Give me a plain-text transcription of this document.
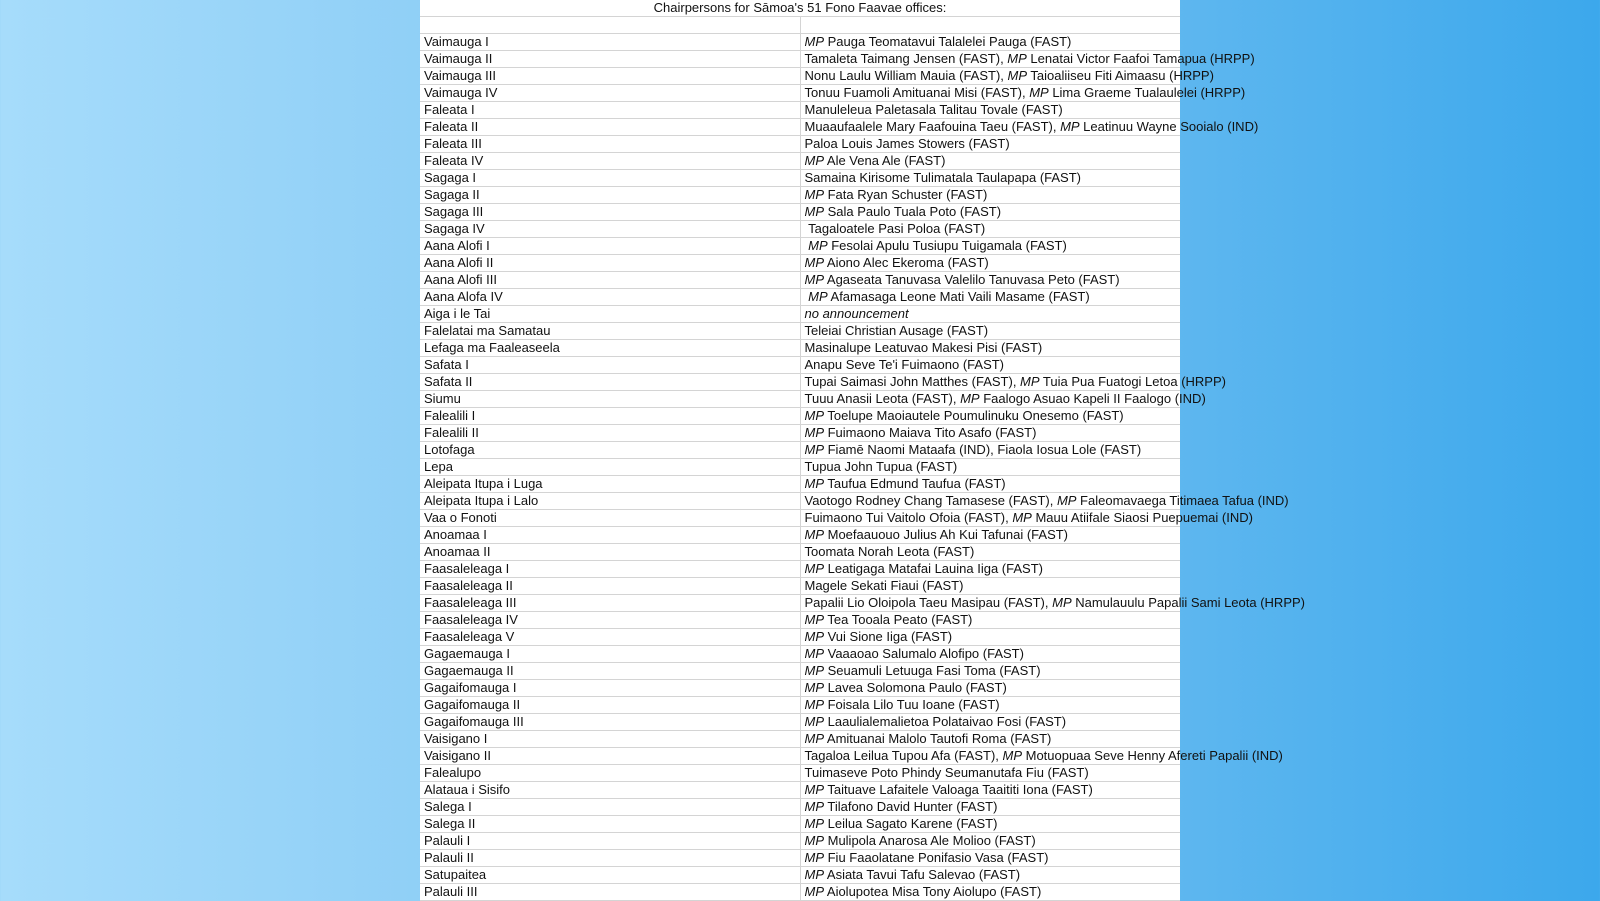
Chairpersons for Sāmoa's 51 Fono Faavae offices:	

Vaimauga I	MP Pauga Teomatavui Talalelei Pauga (FAST)
Vaimauga II	Tamaleta Taimang Jensen (FAST), MP Lenatai Victor Faafoi Tamapua (HRPP)
Vaimauga III	Nonu Laulu William Mauia (FAST), MP Taioaliiseu Fiti Aimaasu (HRPP)
Vaimauga IV	Tonuu Fuamoli Amituanai Misi (FAST), MP Lima Graeme Tualaulelei (HRPP)
Faleata I	Manuleleua Paletasala Talitau Tovale (FAST)
Faleata II	Muaaufaalele Mary Faafouina Taeu (FAST), MP Leatinuu Wayne Sooialo (IND)
Faleata III	Paloa Louis James Stowers (FAST)
Faleata IV	MP Ale Vena Ale (FAST)
Sagaga I	Samaina Kirisome Tulimatala Taulapapa (FAST)
Sagaga II	MP Fata Ryan Schuster (FAST)
Sagaga III	MP Sala Paulo Tuala Poto (FAST)
Sagaga IV	Tagaloatele Pasi Poloa (FAST)
Aana Alofi I	MP Fesolai Apulu Tusiupu Tuigamala (FAST)
Aana Alofi II	MP Aiono Alec Ekeroma (FAST)
Aana Alofi III	MP Agaseata Tanuvasa Valelilo Tanuvasa Peto (FAST)
Aana Alofa IV	MP Afamasaga Leone Mati Vaili Masame (FAST)
Aiga i le Tai	no announcement
Falelatai ma Samatau	Teleiai Christian Ausage (FAST)
Lefaga ma Faaleaseela	Masinalupe Leatuvao Makesi Pisi (FAST)
Safata I	Anapu Seve Te'i Fuimaono (FAST)
Safata II	Tupai Saimasi John Matthes (FAST), MP Tuia Pua Fuatogi Letoa (HRPP)
Siumu	Tuuu Anasii Leota (FAST), MP Faalogo Asuao Kapeli II Faalogo (IND)
Falealili I	MP Toelupe Maoiautele Poumulinuku Onesemo (FAST)
Falealili II	MP Fuimaono Maiava Tito Asafo (FAST)
Lotofaga	MP Fiamē Naomi Mataafa (IND), Fiaola Iosua Lole (FAST)
Lepa	Tupua John Tupua (FAST)
Aleipata Itupa i Luga	MP Taufua Edmund Taufua (FAST)
Aleipata Itupa i Lalo	Vaotogo Rodney Chang Tamasese (FAST), MP Faleomavaega Titimaea Tafua (IND)
Vaa o Fonoti	Fuimaono Tui Vaitolo Ofoia (FAST), MP Mauu Atiifale Siaosi Puepuemai (IND)
Anoamaa I	MP Moefaauouo Julius Ah Kui Tafunai (FAST)
Anoamaa II	Toomata Norah Leota (FAST)
Faasaleleaga I	MP Leatigaga Matafai Lauina Iiga (FAST)
Faasaleleaga II	Magele Sekati Fiaui (FAST)
Faasaleleaga III	Papalii Lio Oloipola Taeu Masipau (FAST), MP Namulauulu Papalii Sami Leota (HRPP)
Faasaleleaga IV	MP Tea Tooala Peato (FAST)
Faasaleleaga V	MP Vui Sione Iiga (FAST)
Gagaemauga I	MP Vaaaoao Salumalo Alofipo (FAST)
Gagaemauga II	MP Seuamuli Letuuga Fasi Toma (FAST)
Gagaifomauga I	MP Lavea Solomona Paulo (FAST)
Gagaifomauga II	MP Foisala Lilo Tuu Ioane (FAST)
Gagaifomauga III	MP Laaulialemalietoa Polataivao Fosi (FAST)
Vaisigano I	MP Amituanai Malolo Tautofi Roma (FAST)
Vaisigano II	Tagaloa Leilua Tupou Afa (FAST), MP Motuopuaa Seve Henny Afereti Papalii (IND)
Falealupo	Tuimaseve Poto Phindy Seumanutafa Fiu (FAST)
Alataua i Sisifo	MP Taituave Lafaitele Valoaga Taaititi Iona (FAST)
Salega I	MP Tilafono David Hunter (FAST)
Salega II	MP Leilua Sagato Karene (FAST)
Palauli I	MP Mulipola Anarosa Ale Molioo (FAST)
Palauli II	MP Fiu Faaolatane Ponifasio Vasa (FAST)
Satupaitea	MP Asiata Tavui Tafu Salevao (FAST)
Palauli III	MP Aiolupotea Misa Tony Aiolupo (FAST)
